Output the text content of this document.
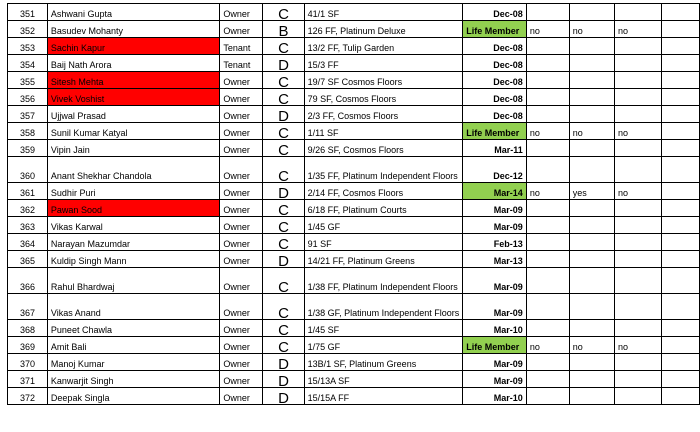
351	Ashwani Gupta	Owner	C	41/1 SF	Dec-08				
352	Basudev Mohanty	Owner	B	126 FF, Platinum Deluxe	Life Member	no	no	no	
353	Sachin Kapur	Tenant	C	13/2 FF, Tulip Garden	Dec-08				
354	Baij Nath Arora	Tenant	D	15/3 FF	Dec-08				
355	Sitesh Mehta	Owner	C	19/7 SF Cosmos Floors	Dec-08				
356	Vivek Voshist	Owner	C	79 SF, Cosmos Floors	Dec-08				
357	Ujjwal Prasad	Owner	D	2/3 FF, Cosmos Floors	Dec-08				
358	Sunil Kumar Katyal	Owner	C	1/11 SF	Life Member	no	no	no	
359	Vipin Jain	Owner	C	9/26 SF, Cosmos Floors	Mar-11				
360	Anant Shekhar Chandola	Owner	C	1/35 FF, Platinum Independent Floors	Dec-12				
361	Sudhir Puri	Owner	D	2/14 FF, Cosmos Floors	Mar-14	no	yes	no	
362	Pawan Sood	Owner	C	6/18 FF, Platinum Courts	Mar-09				
363	Vikas Karwal	Owner	C	1/45 GF	Mar-09				
364	Narayan Mazumdar	Owner	C	91 SF	Feb-13				
365	Kuldip Singh Mann	Owner	D	14/21 FF, Platinum Greens	Mar-13				
366	Rahul Bhardwaj	Owner	C	1/38 FF, Platinum Independent Floors	Mar-09				
367	Vikas Anand	Owner	C	1/38 GF, Platinum Independent Floors	Mar-09				
368	Puneet Chawla	Owner	C	1/45 SF	Mar-10				
369	Amit Bali	Owner	C	1/75 GF	Life Member	no	no	no	
370	Manoj Kumar	Owner	D	13B/1 SF, Platinum Greens	Mar-09				
371	Kanwarjit Singh	Owner	D	15/13A SF	Mar-09				
372	Deepak Singla	Owner	D	15/15A FF	Mar-10				
